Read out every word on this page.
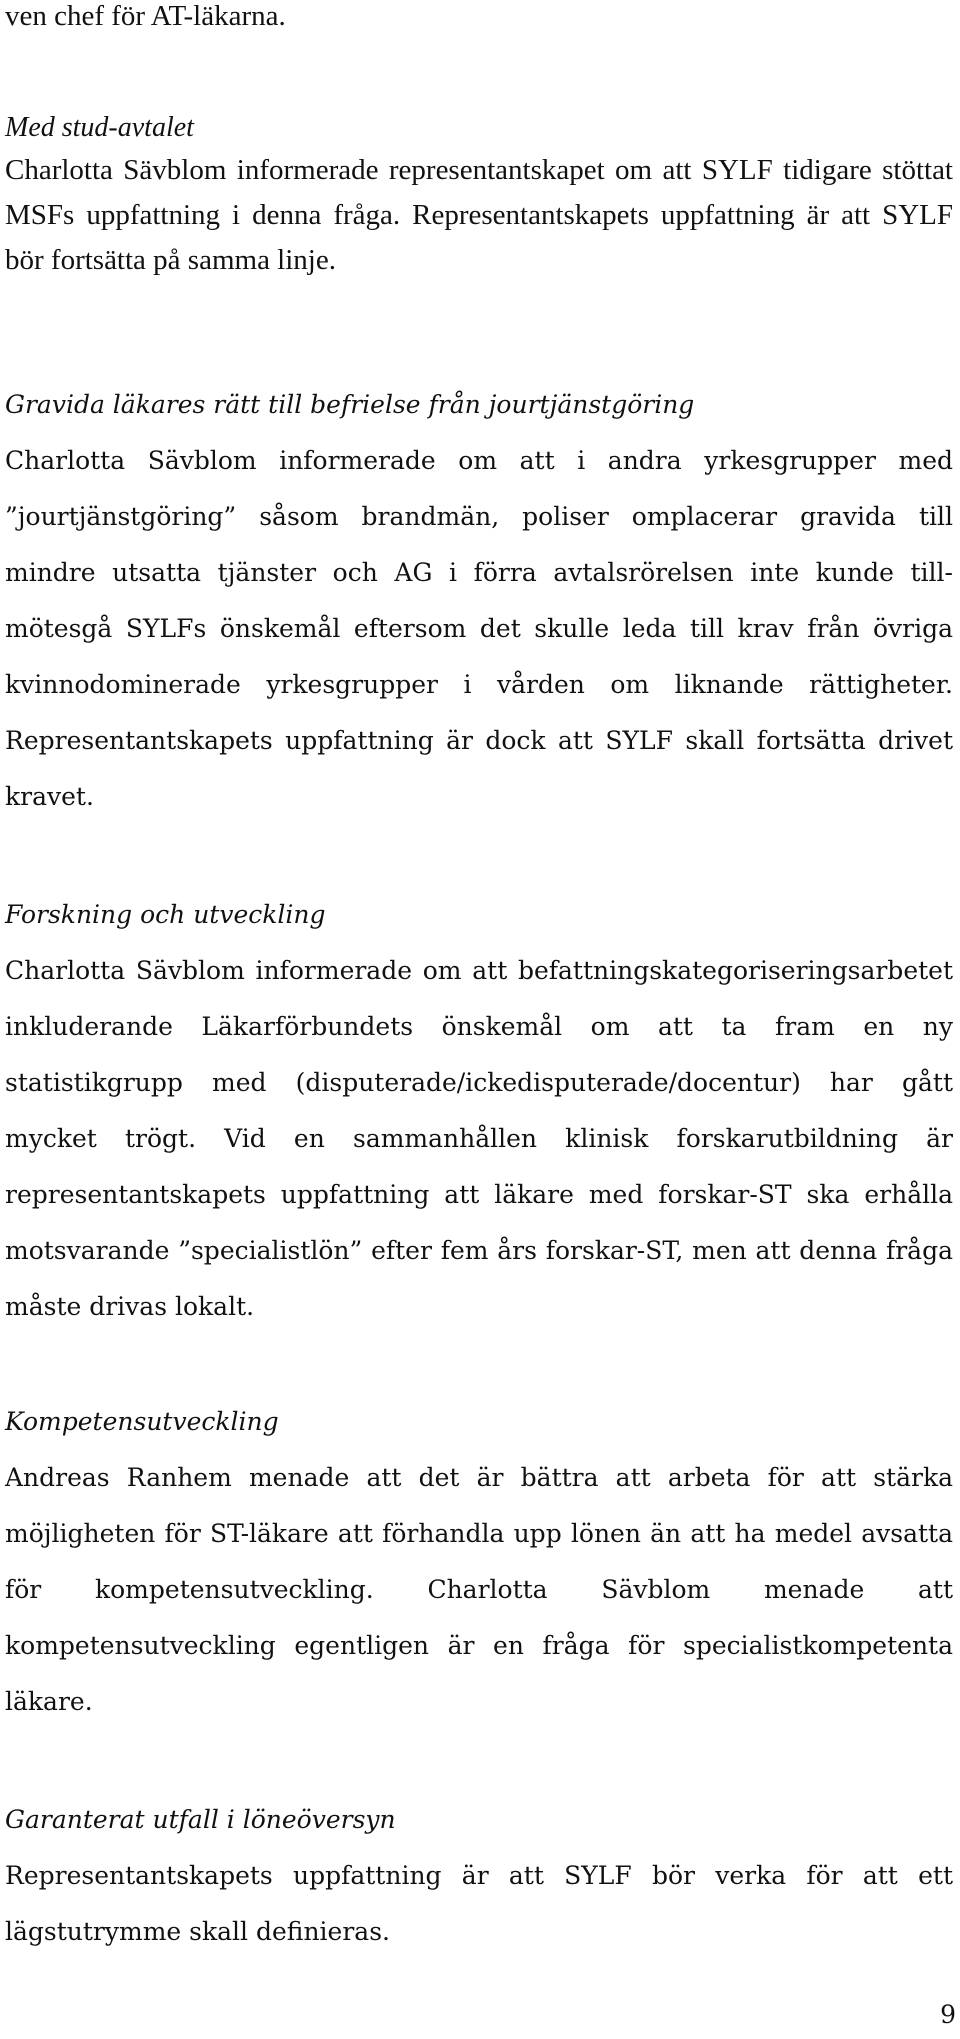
ven chef för AT-läkarna.

Med stud-avtalet

Charlotta Sävblom informerade representantskapet om att SYLF tidigare stöttat MSFs uppfattning i denna fråga. Representantskapets uppfattning är att SYLF bör fortsätta på samma linje.

Gravida läkares rätt till befrielse från jourtjänstgöring

Charlotta Sävblom informerade om att i andra yrkesgrupper med ”jourtjänstgöring” såsom brandmän, poliser omplacerar gravida till mindre utsatta tjänster och AG i förra avtalsrörelsen inte kunde tillmötesgå SYLFs önskemål eftersom det skulle leda till krav från övriga kvinnodominerade yrkesgrupper i vården om liknande rättigheter. Representantskapets uppfattning är dock att SYLF skall fortsätta drivet kravet.

Forskning och utveckling

Charlotta Sävblom informerade om att befattningskategoriseringsarbetet inkluderande Läkarförbundets önskemål om att ta fram en ny statistikgrupp med (disputerade/ickedisputerade/docentur) har gått mycket trögt. Vid en sammanhållen klinisk forskarutbildning är representantskapets uppfattning att läkare med forskar-ST ska erhålla motsvarande ”specialistlön” efter fem års forskar-ST, men att denna fråga måste drivas lokalt.

Kompetensutveckling

Andreas Ranhem menade att det är bättra att arbeta för att stärka möjligheten för ST-läkare att förhandla upp lönen än att ha medel avsatta för kompetensutveckling. Charlotta Sävblom menade att kompetensutveckling egentligen är en fråga för specialistkompetenta läkare.

Garanterat utfall i löneöversyn

Representantskapets uppfattning är att SYLF bör verka för att ett lägstutrymme skall definieras.

9
